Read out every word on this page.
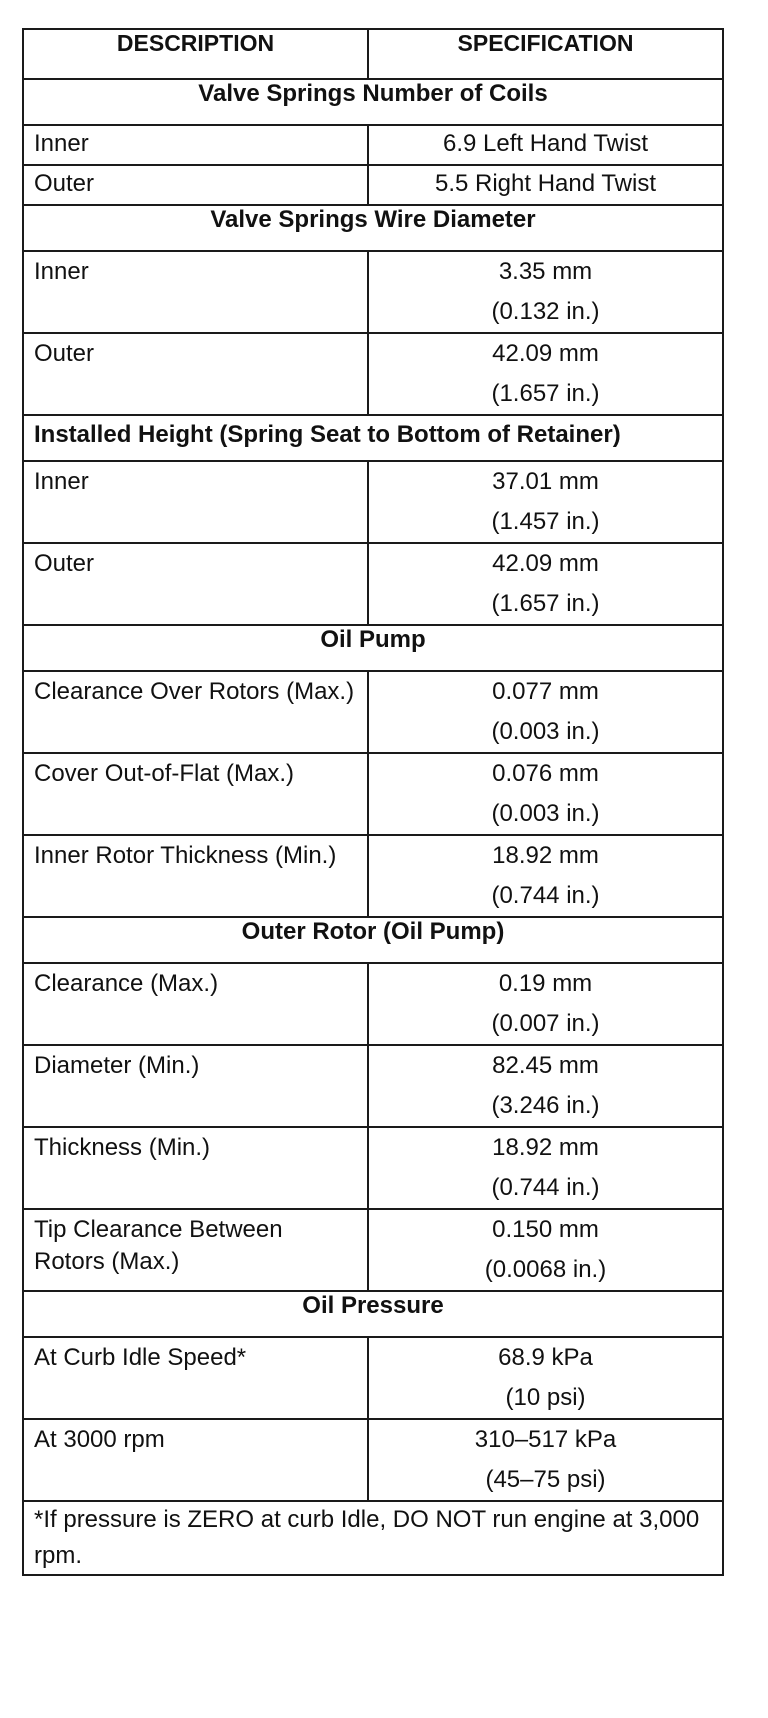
DESCRIPTION	SPECIFICATION
Valve Springs Number of Coils	

Inner	6.9 Left Hand Twist

Outer	5.5 Right Hand Twist

Valve Springs Wire Diameter	

Inner	3.35 mm
(0.132 in.)

Outer	42.09 mm
(1.657 in.)

Installed Height (Spring Seat to Bottom of Retainer)	

Inner	37.01 mm
(1.457 in.)

Outer	42.09 mm
(1.657 in.)

Oil Pump	

Clearance Over Rotors (Max.)	0.077 mm
(0.003 in.)

Cover Out-of-Flat (Max.)	0.076 mm
(0.003 in.)

Inner Rotor Thickness (Min.)	18.92 mm
(0.744 in.)

Outer Rotor (Oil Pump)	

Clearance (Max.)	0.19 mm
(0.007 in.)

Diameter (Min.)	82.45 mm
(3.246 in.)

Thickness (Min.)	18.92 mm
(0.744 in.)

Tip Clearance Between Rotors (Max.)	0.150 mm
(0.0068 in.)

Oil Pressure	

At Curb Idle Speed*	68.9 kPa
(10 psi)

At 3000 rpm	310–517 kPa
(45–75 psi)

*If pressure is ZERO at curb Idle, DO NOT run engine at 3,000 rpm.	
